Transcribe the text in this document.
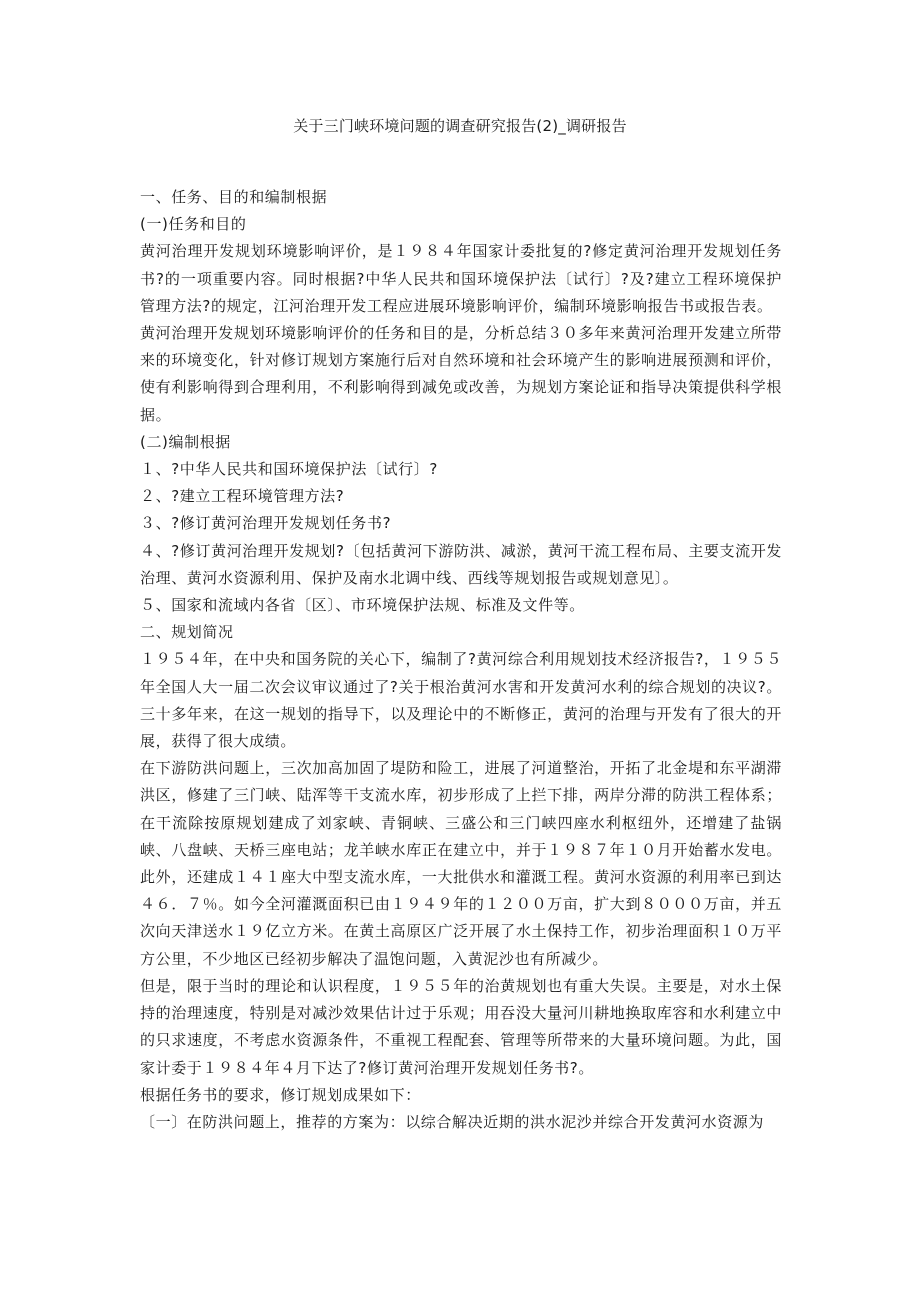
关于三门峡环境问题的调查研究报告(2)_调研报告

一、任务、目的和编制根据

(一)任务和目的

黄河治理开发规划环境影响评价，是１９８４年国家计委批复的?修定黄河治理开发规划任务书?的一项重要内容。同时根据?中华人民共和国环境保护法〔试行〕?及?建立工程环境保护管理方法?的规定，江河治理开发工程应进展环境影响评价，编制环境影响报告书或报告表。

黄河治理开发规划环境影响评价的任务和目的是，分析总结３０多年来黄河治理开发建立所带来的环境变化，针对修订规划方案施行后对自然环境和社会环境产生的影响进展预测和评价，使有利影响得到合理利用，不利影响得到减免或改善，为规划方案论证和指导决策提供科学根据。

(二)编制根据

１、?中华人民共和国环境保护法〔试行〕?

２、?建立工程环境管理方法?

３、?修订黄河治理开发规划任务书?

４、?修订黄河治理开发规划?〔包括黄河下游防洪、减淤，黄河干流工程布局、主要支流开发治理、黄河水资源利用、保护及南水北调中线、西线等规划报告或规划意见〕。

５、国家和流域内各省〔区〕、市环境保护法规、标准及文件等。

二、规划简况

１９５４年，在中央和国务院的关心下，编制了?黄河综合利用规划技术经济报告?，１９５５年全国人大一届二次会议审议通过了?关于根治黄河水害和开发黄河水利的综合规划的决议?。三十多年来，在这一规划的指导下，以及理论中的不断修正，黄河的治理与开发有了很大的开展，获得了很大成绩。

在下游防洪问题上，三次加高加固了堤防和险工，进展了河道整治，开拓了北金堤和东平湖滞洪区，修建了三门峡、陆浑等干支流水库，初步形成了上拦下排，两岸分滞的防洪工程体系；在干流除按原规划建成了刘家峡、青铜峡、三盛公和三门峡四座水利枢纽外，还增建了盐锅峡、八盘峡、天桥三座电站；龙羊峡水库正在建立中，并于１９８７年１０月开始蓄水发电。此外，还建成１４１座大中型支流水库，一大批供水和灌溉工程。黄河水资源的利用率已到达４６．７％。如今全河灌溉面积已由１９４９年的１２００万亩，扩大到８０００万亩，并五次向天津送水１９亿立方米。在黄土高原区广泛开展了水土保持工作，初步治理面积１０万平方公里，不少地区已经初步解决了温饱问题，入黄泥沙也有所减少。

但是，限于当时的理论和认识程度，１９５５年的治黄规划也有重大失误。主要是，对水土保持的治理速度，特别是对减沙效果估计过于乐观；用吞没大量河川耕地换取库容和水利建立中的只求速度，不考虑水资源条件，不重视工程配套、管理等所带来的大量环境问题。为此，国家计委于１９８４年４月下达了?修订黄河治理开发规划任务书?。

根据任务书的要求，修订规划成果如下：

〔一〕在防洪问题上，推荐的方案为：以综合解决近期的洪水泥沙并综合开发黄河水资源为
